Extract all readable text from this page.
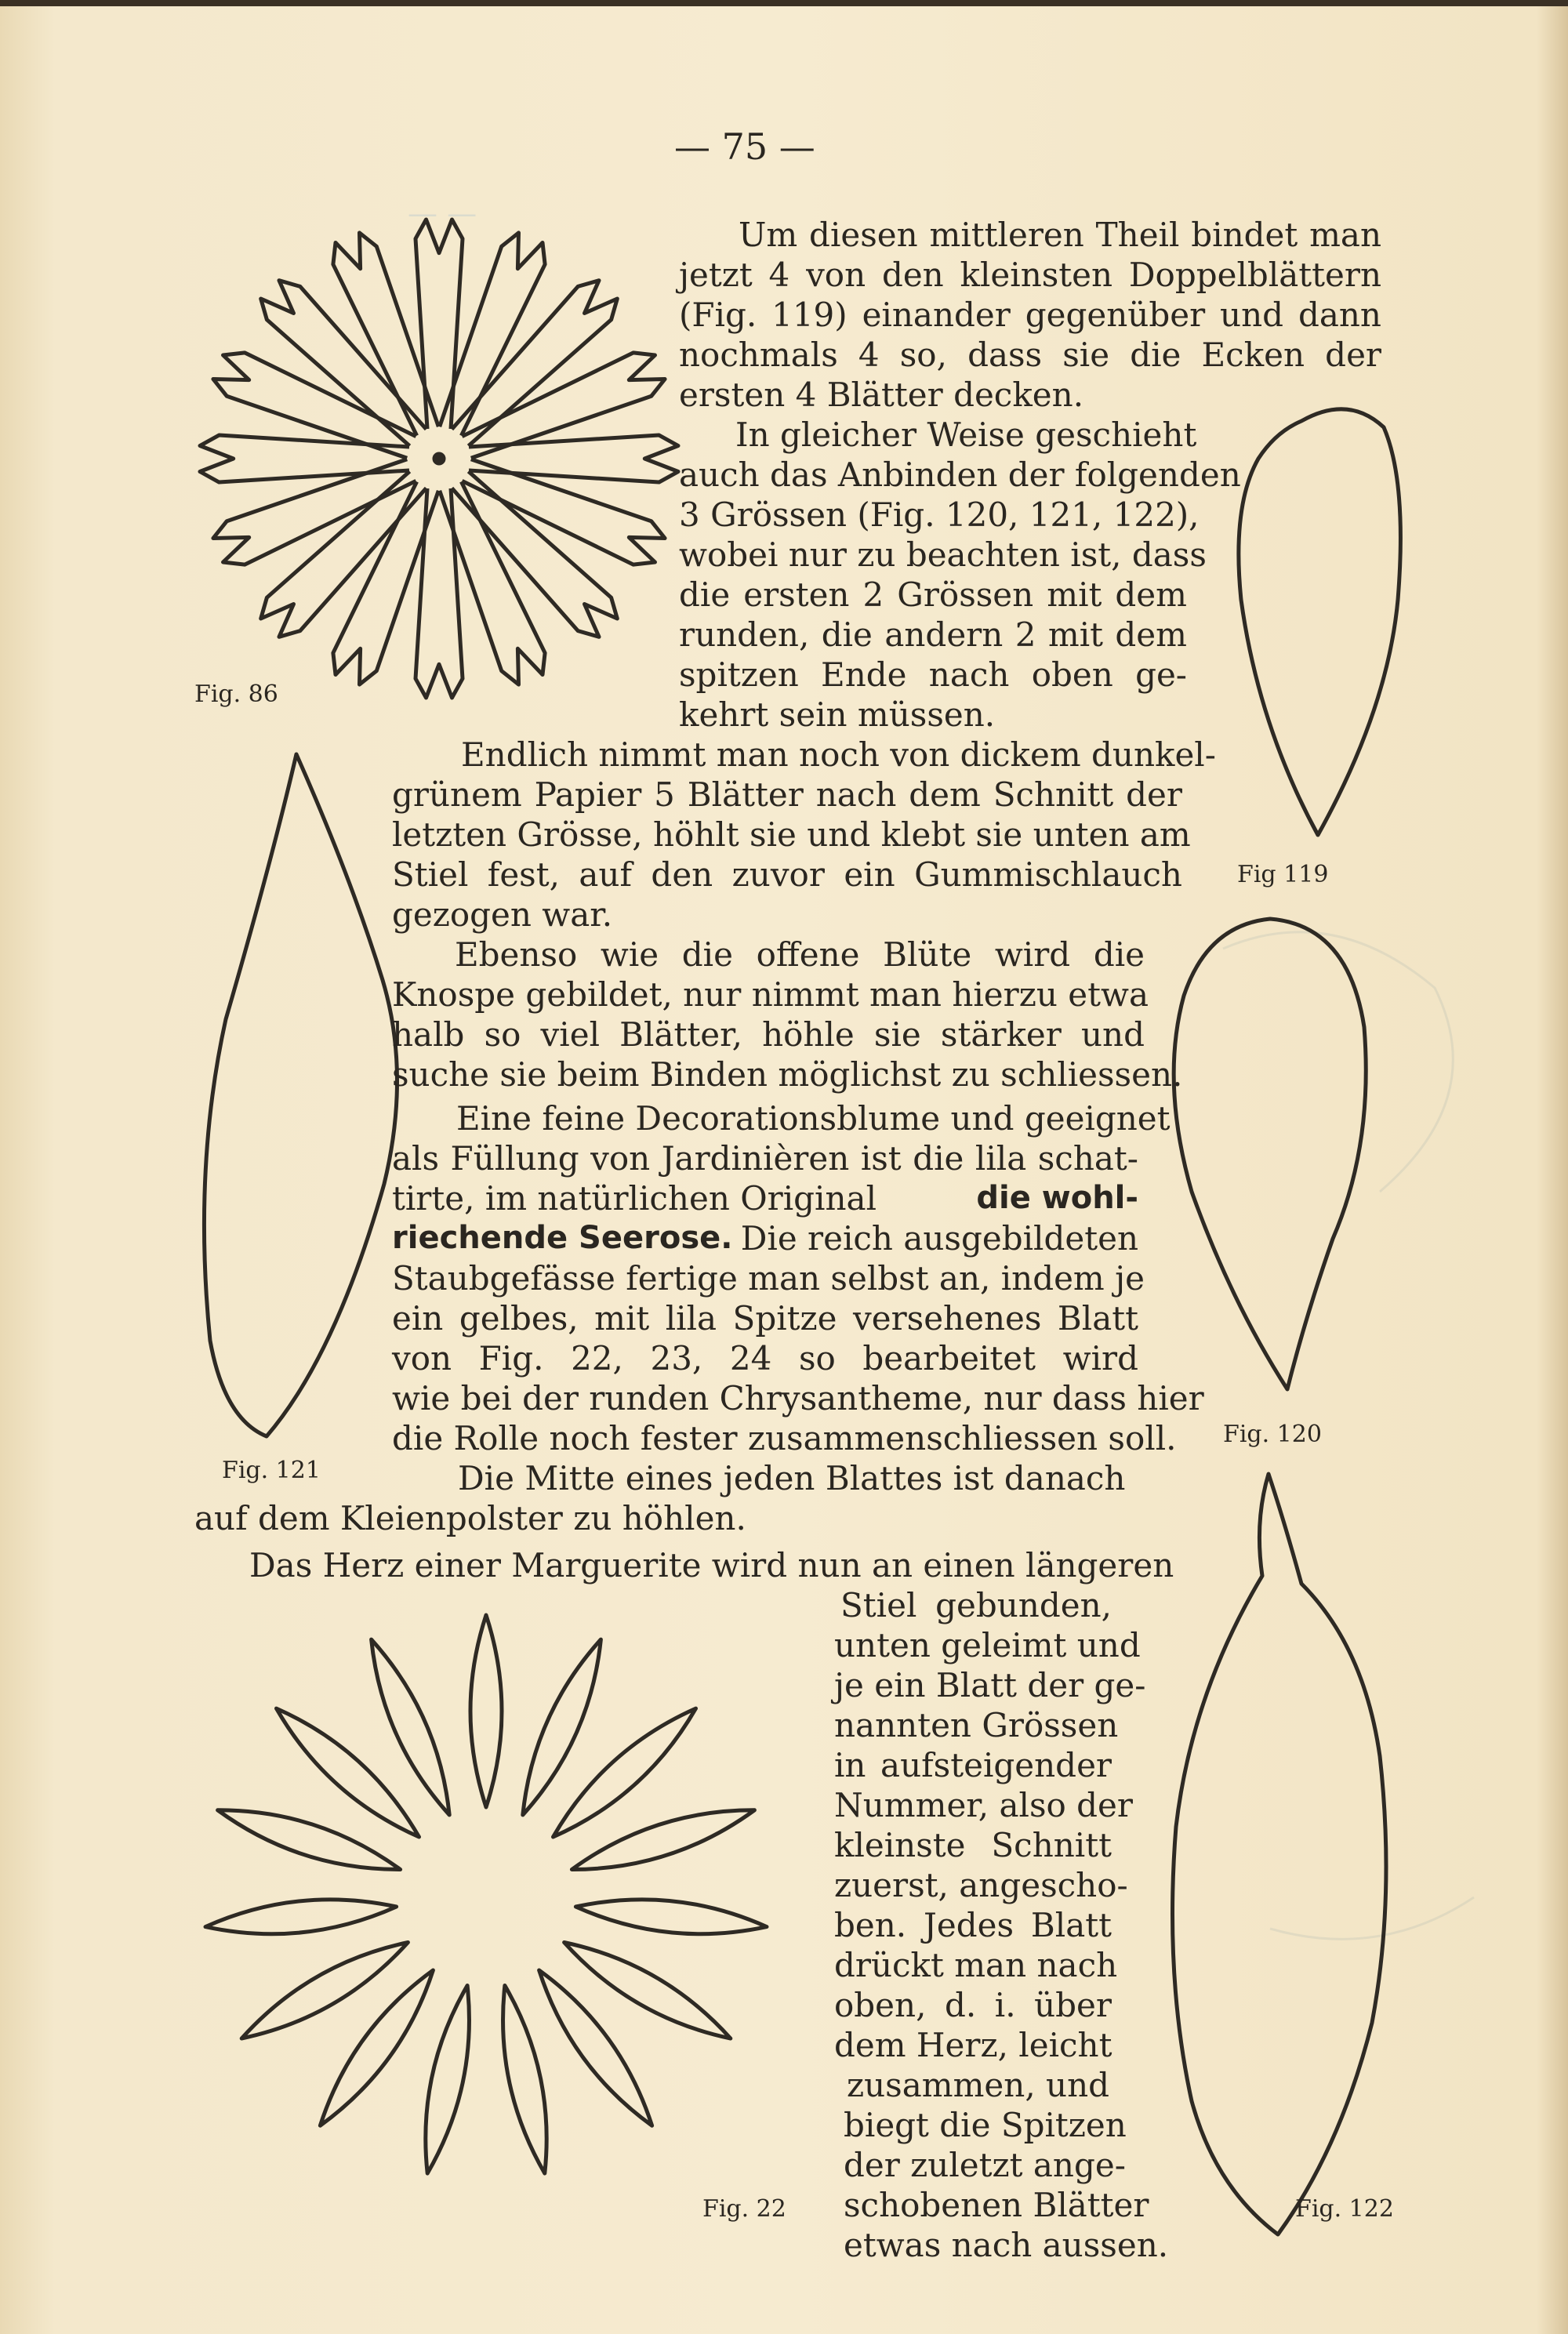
— —
— 75 —
Fig. 86
Um diesen mittleren Theil bindet man
jetzt 4 von den kleinsten Doppelblättern
(Fig. 119) einander gegenüber und dann
nochmals 4 so, dass sie die Ecken der
ersten 4 Blätter decken.
In gleicher Weise geschieht
auch das Anbinden der folgenden
3 Grössen (Fig. 120, 121, 122),
wobei nur zu beachten ist, dass
die ersten 2 Grössen mit dem
runden, die andern 2 mit dem
spitzen Ende nach oben ge-
kehrt sein müssen.
Fig 119
Fig. 121
Endlich nimmt man noch von dickem dunkel-
grünem Papier 5 Blätter nach dem Schnitt der
letzten Grösse, höhlt sie und klebt sie unten am
Stiel fest, auf den zuvor ein Gummischlauch
gezogen war.
Ebenso wie die offene Blüte wird die
Knospe gebildet, nur nimmt man hierzu etwa
halb so viel Blätter, höhle sie stärker und
suche sie beim Binden möglichst zu schliessen.
Fig. 120
Eine feine Decorationsblume und geeignet
als Füllung von Jardinièren ist die lila schat-
tirte, im natürlichen Original	die wohl-
riechende Seerose. Die reich ausgebildeten
Staubgefässe fertige man selbst an, indem je
ein gelbes, mit lila Spitze versehenes Blatt
von Fig. 22, 23, 24 so bearbeitet wird
wie bei der runden Chrysantheme, nur dass hier
die Rolle noch fester zusammenschliessen soll.
Die Mitte eines jeden Blattes ist danach
auf dem Kleienpolster zu höhlen.
Das Herz einer Marguerite wird nun an einen längeren
Stiel gebunden,
unten geleimt und
je ein Blatt der ge-
nannten Grössen
in aufsteigender
Nummer, also der
kleinste Schnitt
zuerst, angescho-
ben. Jedes Blatt
drückt man nach
oben, d. i. über
dem Herz, leicht
zusammen, und
biegt die Spitzen
der zuletzt ange-
schobenen Blätter
etwas nach aussen.
Fig. 22	Fig. 122
